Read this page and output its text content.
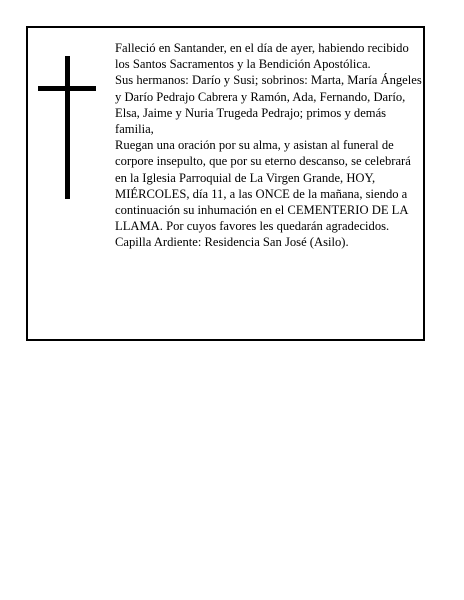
Falleció en Santander, en el día de ayer, habiendo recibido los Santos Sacramentos y la Bendición Apostólica.

Sus hermanos: Darío y Susi; sobrinos: Marta, María Ángeles y Darío Pedrajo Cabrera y Ramón, Ada, Fernando, Darío, Elsa, Jaime y Nuria Trugeda Pedrajo; primos y demás familia,

Ruegan una oración por su alma, y asistan al funeral de corpore insepulto, que por su eterno descanso, se celebrará en la Iglesia Parroquial de La Virgen Grande, HOY, MIÉRCOLES, día 11, a las ONCE de la mañana, siendo a continuación su inhumación en el CEMENTERIO DE LA LLAMA. Por cuyos favores les quedarán agradecidos. Capilla Ardiente: Residencia San José (Asilo).
